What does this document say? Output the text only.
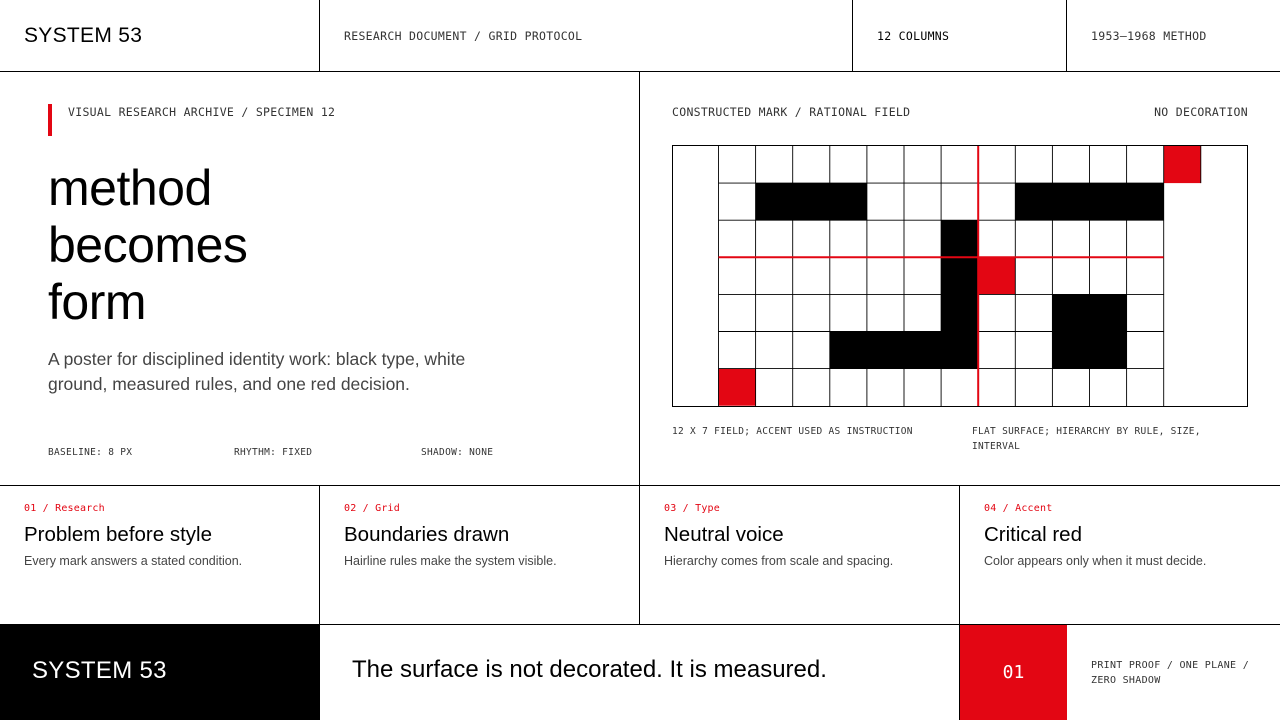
SYSTEM 53	RESEARCH DOCUMENT / GRID PROTOCOL	12 COLUMNS	1953–1968 METHOD
VISUAL RESEARCH ARCHIVE / SPECIMEN 12
method
becomes
form
A poster for disciplined identity work: black type, white ground, measured rules, and one red decision.
BASELINE: 8 PX	RHYTHM: FIXED	SHADOW: NONE
CONSTRUCTED MARK / RATIONAL FIELD	NO DECORATION
12 X 7 FIELD; ACCENT USED AS INSTRUCTION	FLAT SURFACE; HIERARCHY BY RULE, SIZE, INTERVAL
01 / Research
Problem before style
Every mark answers a stated condition.
02 / Grid
Boundaries drawn
Hairline rules make the system visible.
03 / Type
Neutral voice
Hierarchy comes from scale and spacing.
04 / Accent
Critical red
Color appears only when it must decide.
SYSTEM 53	The surface is not decorated. It is measured.	01	PRINT PROOF / ONE PLANE / ZERO SHADOW
